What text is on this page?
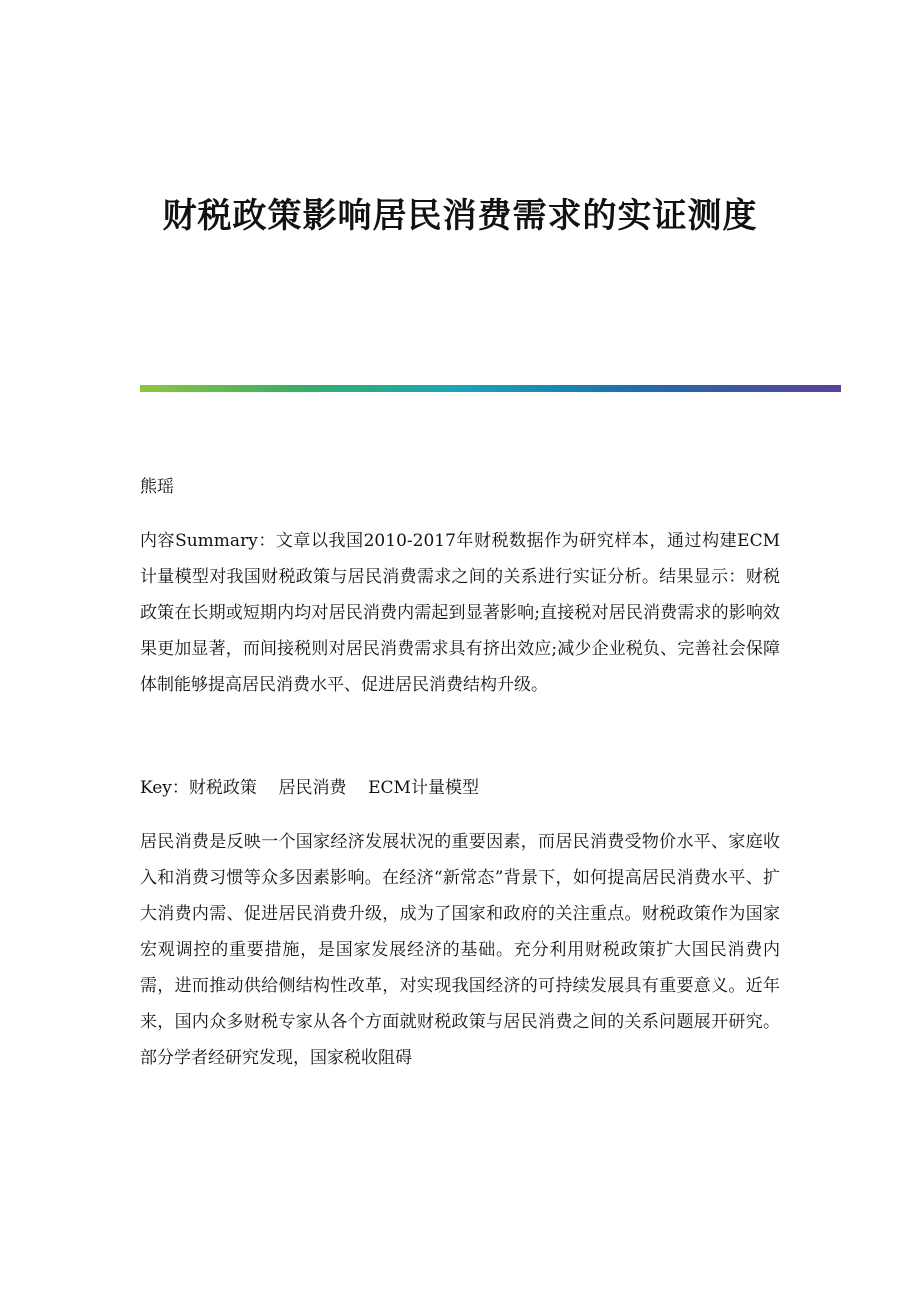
财税政策影响居民消费需求的实证测度

熊瑶

内容Summary：文章以我国2010-2017年财税数据作为研究样本，通过构建ECM计量模型对我国财税政策与居民消费需求之间的关系进行实证分析。结果显示：财税政策在长期或短期内均对居民消费内需起到显著影响;直接税对居民消费需求的影响效果更加显著，而间接税则对居民消费需求具有挤出效应;减少企业税负、完善社会保障体制能够提高居民消费水平、促进居民消费结构升级。

Key：财税政策    居民消费    ECM计量模型

居民消费是反映一个国家经济发展状况的重要因素，而居民消费受物价水平、家庭收入和消费习惯等众多因素影响。在经济“新常态”背景下，如何提高居民消费水平、扩大消费内需、促进居民消费升级，成为了国家和政府的关注重点。财税政策作为国家宏观调控的重要措施，是国家发展经济的基础。充分利用财税政策扩大国民消费内需，进而推动供给侧结构性改革，对实现我国经济的可持续发展具有重要意义。近年来，国内众多财税专家从各个方面就财税政策与居民消费之间的关系问题展开研究。部分学者经研究发现，国家税收阻碍
